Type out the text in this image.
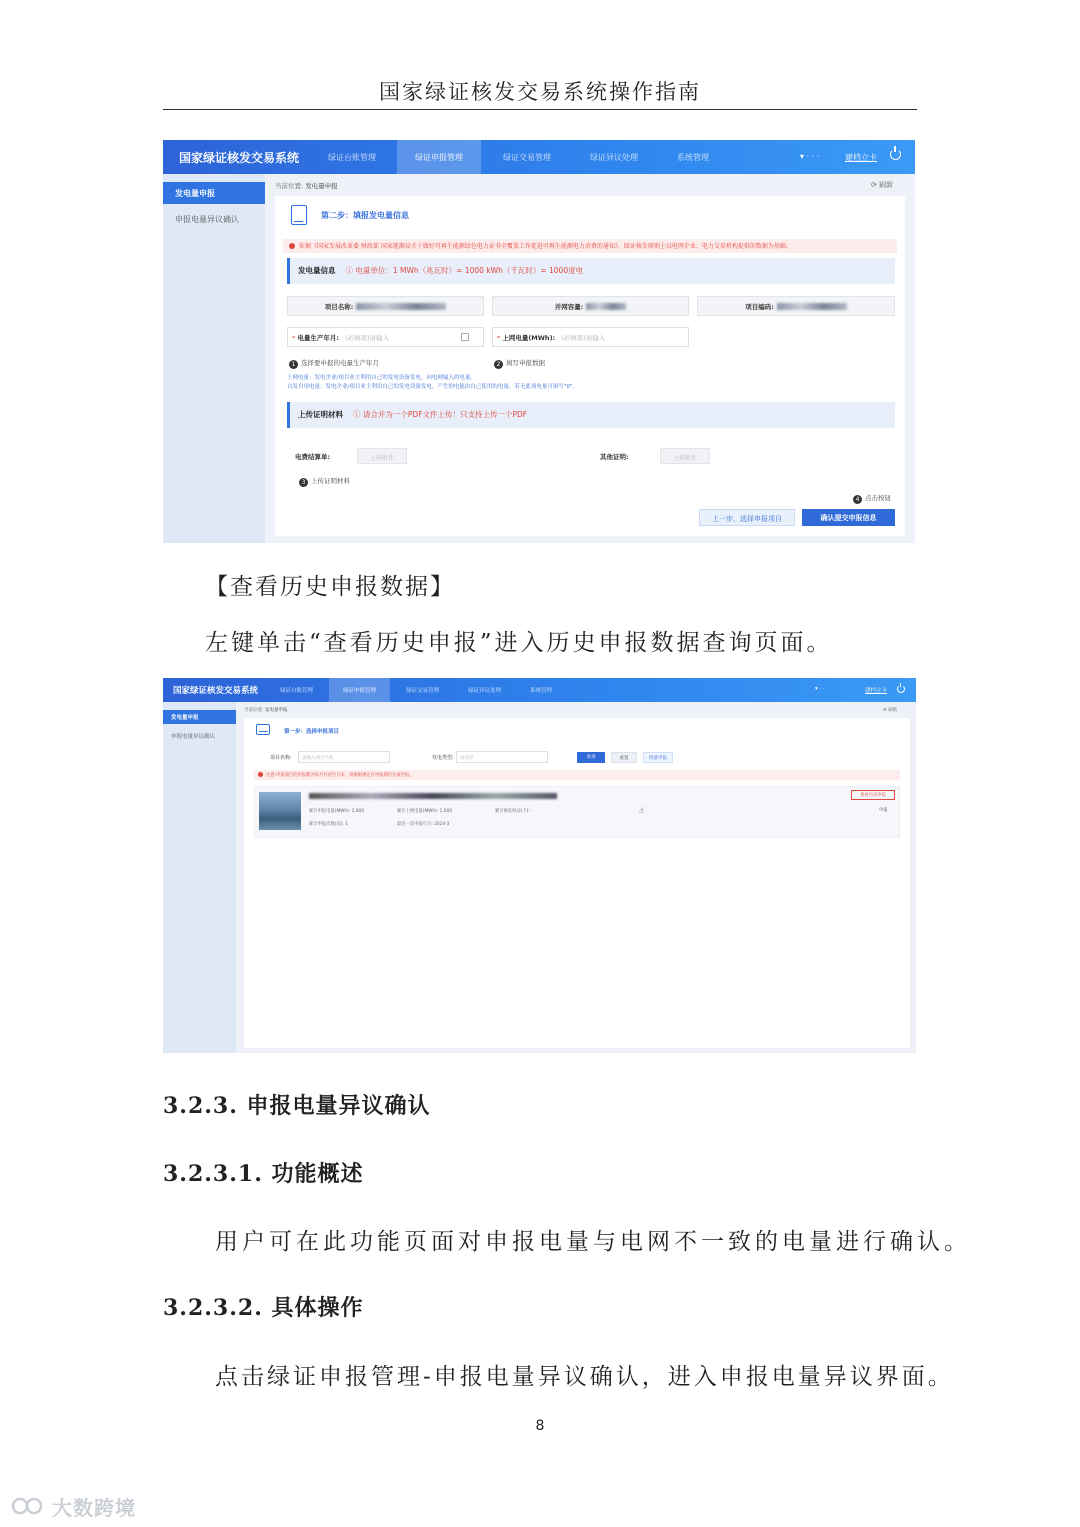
国家绿证核发交易系统操作指南
国家绿证核发交易系统	绿证台账管理	绿证申报管理	绿证交易管理	绿证异议处理	系统管理	▾ · · ·	建档立卡
发电量申报
申报电量异议确认
当前位置: 发电量申报	⟳ 刷新
第二步：填报发电量信息
依据《国家发展改革委 财政部 国家能源局关于做好可再生能源绿色电力证书全覆盖工作促进可再生能源电力消费的通知》，绿证核发原则上以电网企业、电力交易机构提供的数据为基础。
发电量信息 ⓘ 电量单位：1 MWh（兆瓦时）= 1000 kWh（千瓦时）= 1000度电
项目名称:	并网容量:	项目编码:
* 电量生产年月: (必填项)请输入	* 上网电量(MWh): (必填项)请输入
1 选择要申报的电量生产年月	2 填写申报数据
上网电量：发电企业/项目业主利用自己的发电设备发电，向电网输入的电量。
自发自用电量：发电企业/项目业主利用自己的发电设备发电，产生的电能由自己使用的电量。若无此项电量可填写"0"。
上传证明材料 ⓘ 请合并为一个PDF文件上传！只支持上传一个PDF
电费结算单:	上传附件	其他证明:	上传附件
3 上传证明材料
4 点击按钮
上一步，选择申报项目	确认提交申报信息
【查看历史申报数据】
左键单击“查看历史申报”进入历史申报数据查询页面。
国家绿证核发交易系统	绿证台账管理	绿证申报管理	绿证交易管理	绿证异议处理	系统管理	▾ · ·	建档立卡
发电量申报
申报电量异议确认
当前位置: 发电量申报	⟳ 刷新
第一步：选择申报项目
项目名称:	请输入项目名称	发电类型:	请选择	查询	重置	批量申报
注意:申报项目的申报期为每月月初至月末，请根据规定在申报期内完成申报。
累计申报电量(MWh): 2,000	累计上网电量(MWh): 1,000	累计核发绿证(个): -
累计申报次数(次): 1	最近一次申报年月: 2024-3
查看历史申报
申报
☝
3.2.3. 申报电量异议确认
3.2.3.1. 功能概述
用户可在此功能页面对申报电量与电网不一致的电量进行确认。
3.2.3.2. 具体操作
点击绿证申报管理-申报电量异议确认，进入申报电量异议界面。
8
大数跨境
